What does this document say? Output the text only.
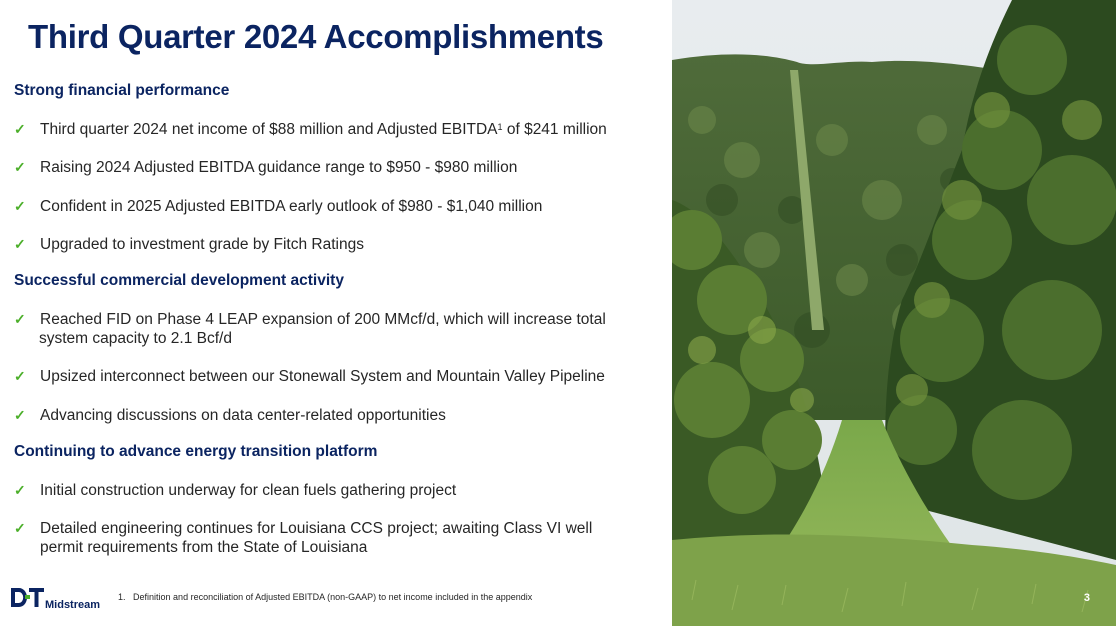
Third Quarter 2024 Accomplishments
Strong financial performance
✓ Third quarter 2024 net income of $88 million and Adjusted EBITDA$^1$ of $241 million
✓ Raising 2024 Adjusted EBITDA guidance range to $950 - $980 million
✓ Confident in 2025 Adjusted EBITDA early outlook of $980 - $1,040 million
✓ Upgraded to investment grade by Fitch Ratings
Successful commercial development activity
✓ Reached FID on Phase 4 LEAP expansion of 200 MMcf/d, which will increase total
system capacity to 2.1 Bcf/d
✓ Upsized interconnect between our Stonewall System and Mountain Valley Pipeline
✓ Advancing discussions on data center-related opportunities
Continuing to advance energy transition platform
✓ Initial construction underway for clean fuels gathering project
✓ Detailed engineering continues for Louisiana CCS project; awaiting Class VI well
permit requirements from the State of Louisiana
Midstream
1. Definition and reconciliation of Adjusted EBITDA (non-GAAP) to net income included in the appendix	3
